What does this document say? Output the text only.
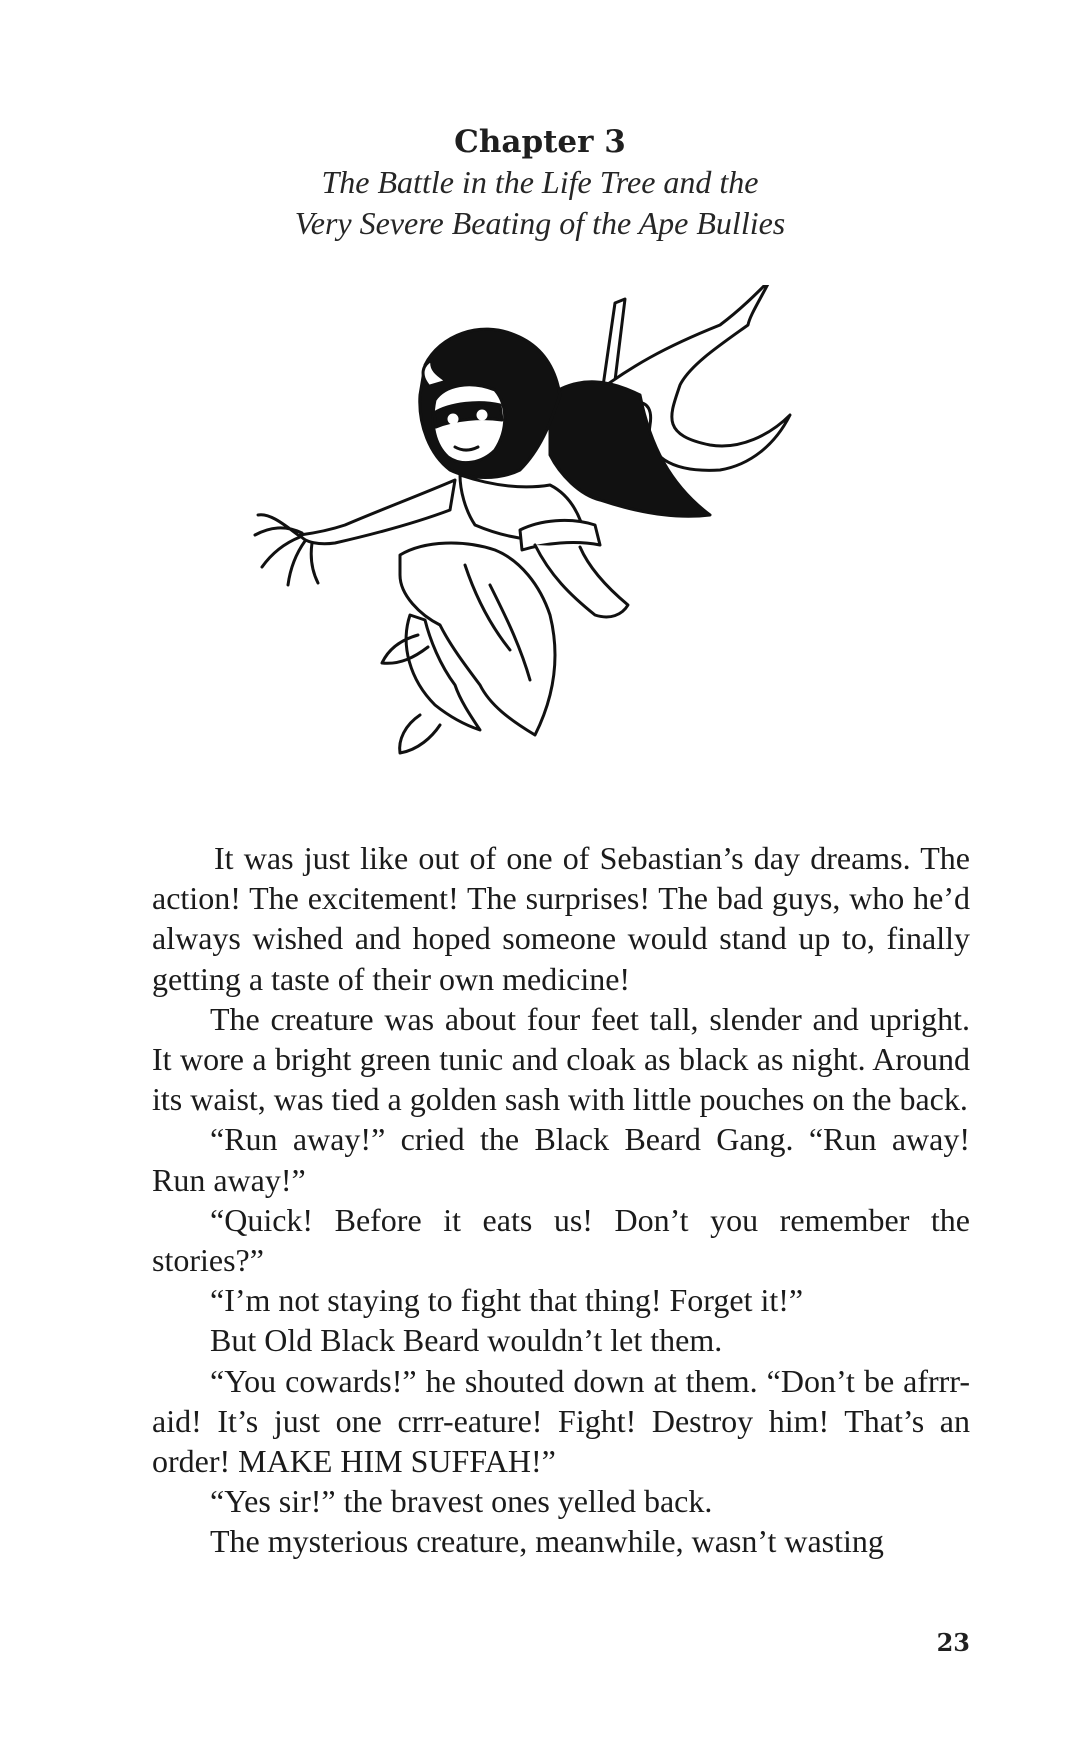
Chapter 3
The Battle in the Life Tree and the
Very Severe Beating of the Ape Bullies

It was just like out of one of Sebastian’s day dreams. The action! The excitement! The surprises! The bad guys, who he’d always wished and hoped someone would stand up to, finally getting a taste of their own medicine!

The creature was about four feet tall, slender and upright. It wore a bright green tunic and cloak as black as night. Around its waist, was tied a golden sash with little pouches on the back.

“Run away!” cried the Black Beard Gang. “Run away! Run away!”

“Quick! Before it eats us! Don’t you remember the stories?”

“I’m not staying to fight that thing! Forget it!”

But Old Black Beard wouldn’t let them.

“You cowards!” he shouted down at them. “Don’t be afrrr-aid! It’s just one crrr-eature! Fight! Destroy him! That’s an order! MAKE HIM SUFFAH!”

“Yes sir!” the bravest ones yelled back.

The mysterious creature, meanwhile, wasn’t wasting

23
